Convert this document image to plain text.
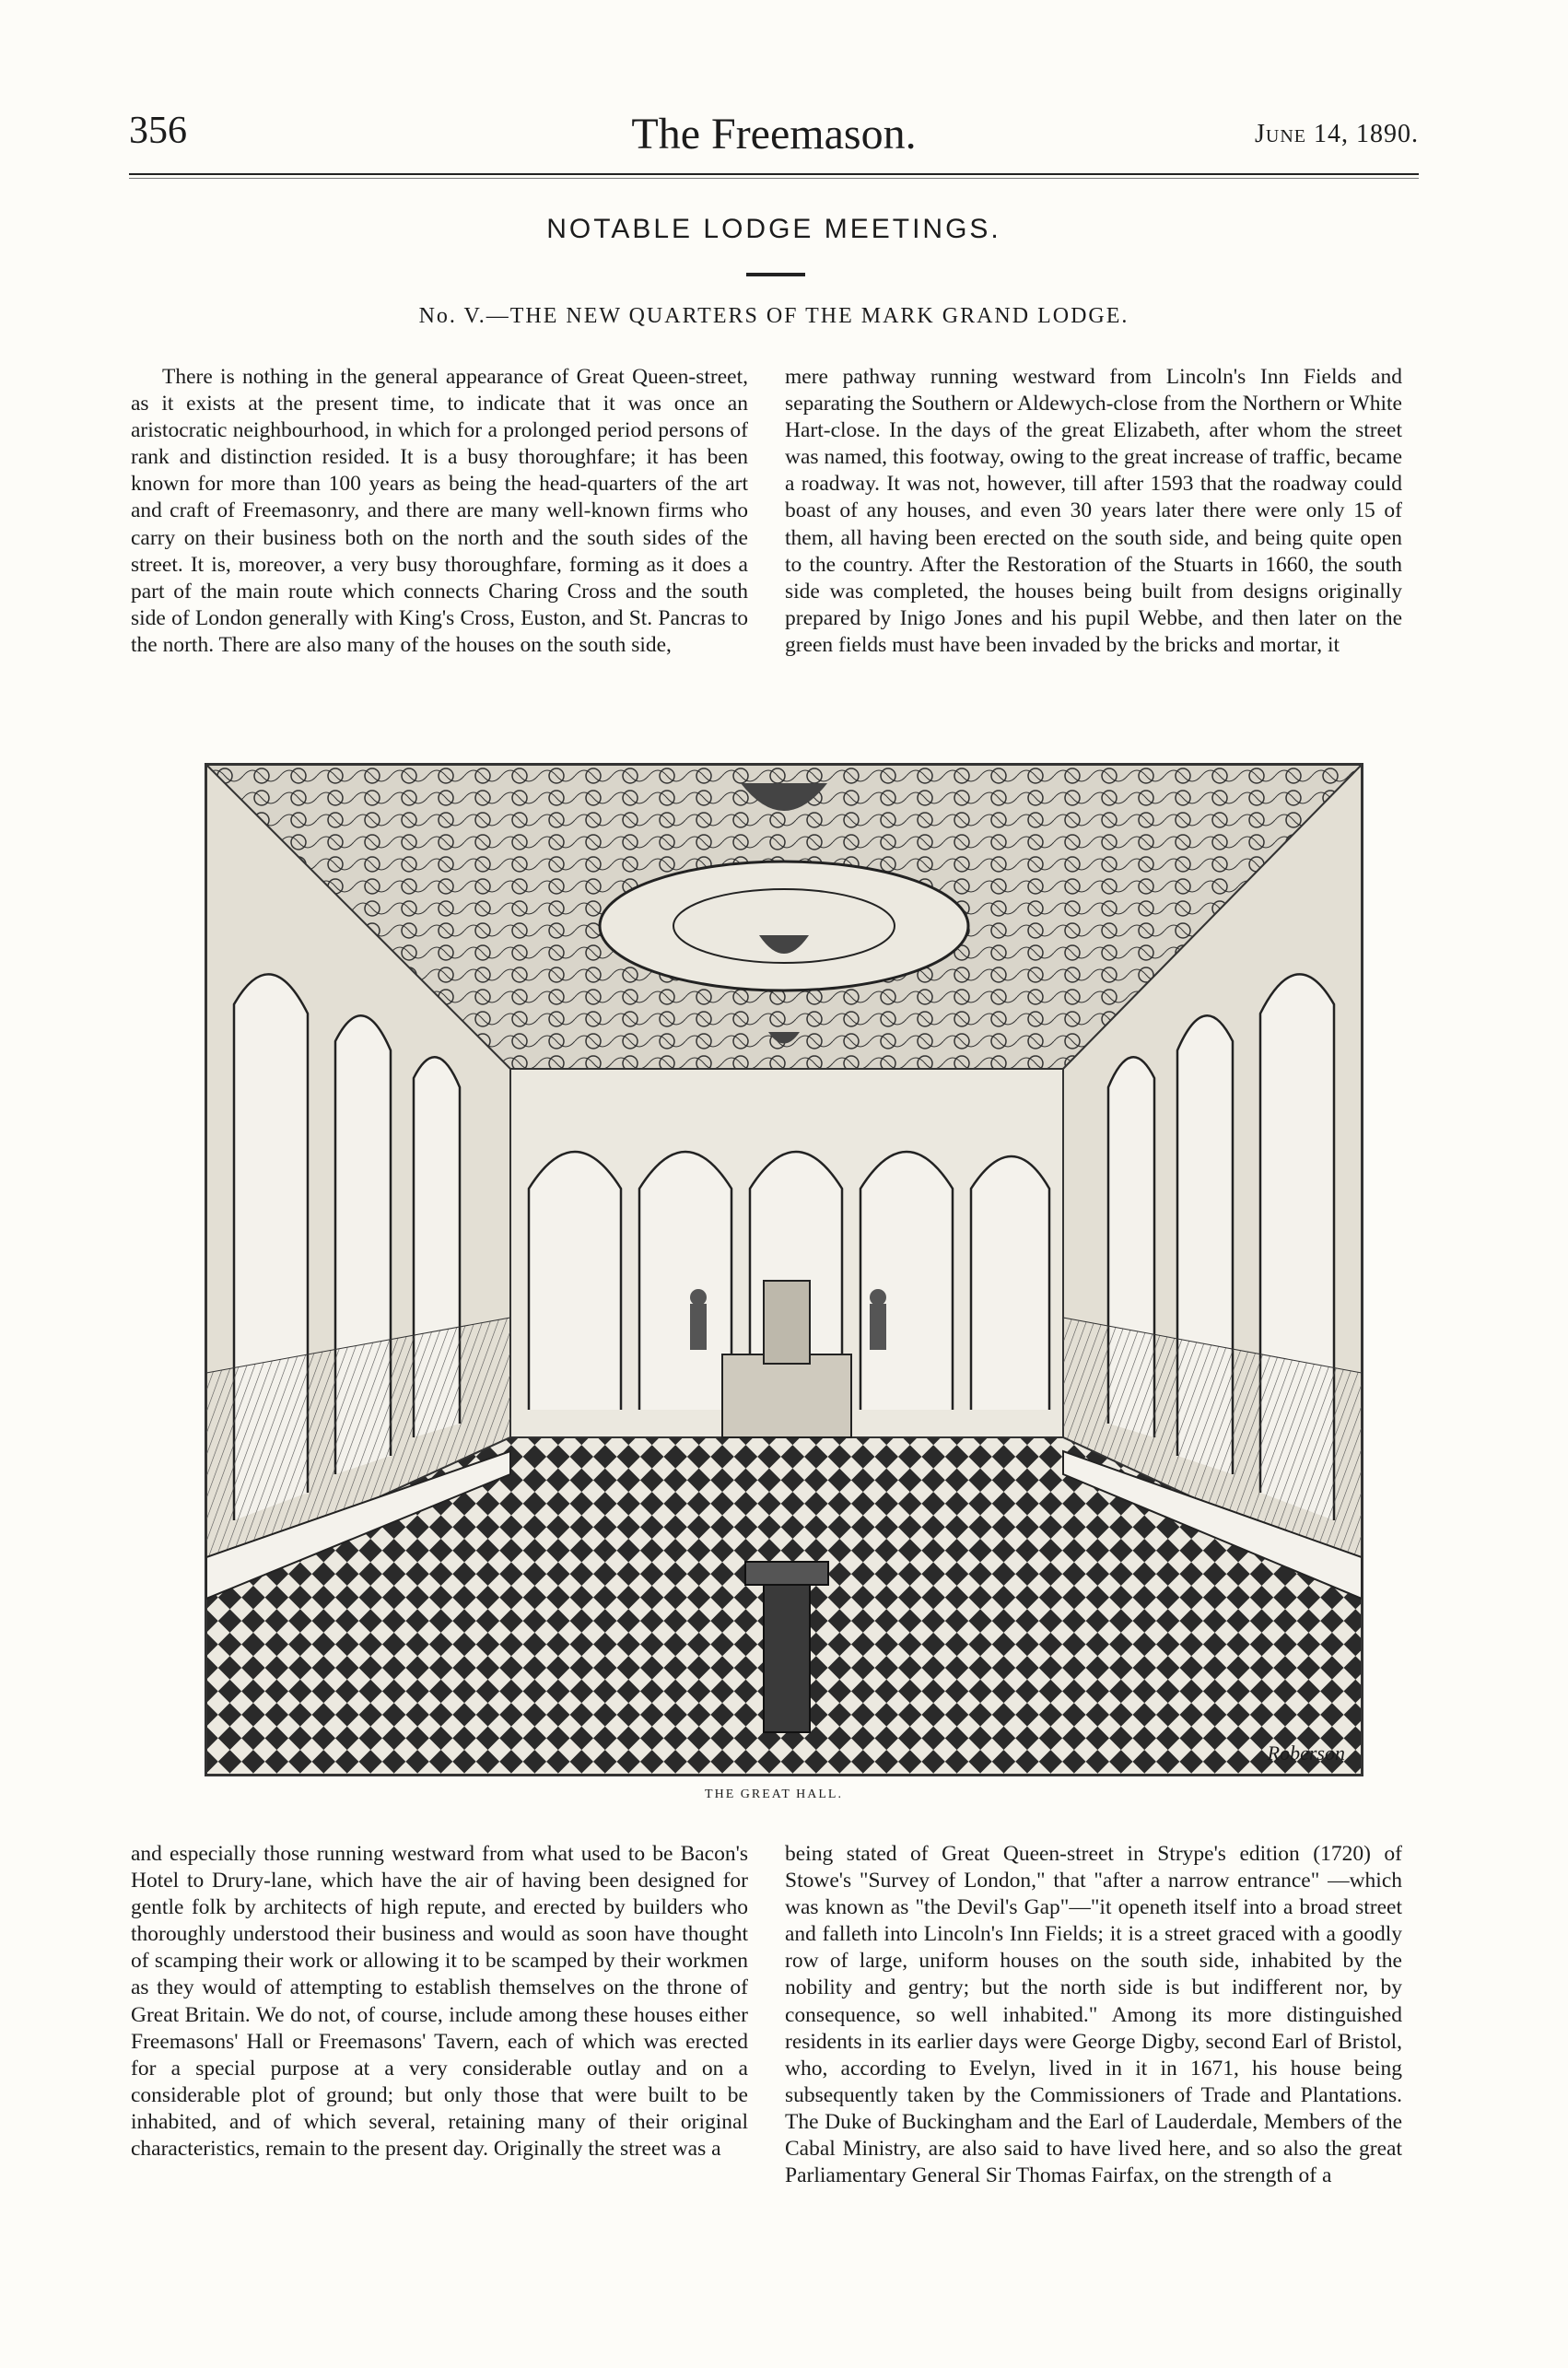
356	The Freemason.	June 14, 1890.
NOTABLE LODGE MEETINGS.
No. V.—THE NEW QUARTERS OF THE MARK GRAND LODGE.

There is nothing in the general appearance of Great Queen-street, as it exists at the present time, to indicate that it was once an aristocratic neighbourhood, in which for a prolonged period persons of rank and distinction resided. It is a busy thoroughfare; it has been known for more than 100 years as being the head-quarters of the art and craft of Freemasonry, and there are many well-known firms who carry on their business both on the north and the south sides of the street. It is, moreover, a very busy thoroughfare, forming as it does a part of the main route which connects Charing Cross and the south side of London generally with King's Cross, Euston, and St. Pancras to the north. There are also many of the houses on the south side,

mere pathway running westward from Lincoln's Inn Fields and separating the Southern or Aldewych-close from the Northern or White Hart-close. In the days of the great Elizabeth, after whom the street was named, this footway, owing to the great increase of traffic, became a roadway. It was not, however, till after 1593 that the roadway could boast of any houses, and even 30 years later there were only 15 of them, all having been erected on the south side, and being quite open to the country. After the Restoration of the Stuarts in 1660, the south side was completed, the houses being built from designs originally prepared by Inigo Jones and his pupil Webbe, and then later on the green fields must have been invaded by the bricks and mortar, it

Roberson
THE GREAT HALL.

and especially those running westward from what used to be Bacon's Hotel to Drury-lane, which have the air of having been designed for gentle folk by architects of high repute, and erected by builders who thoroughly understood their business and would as soon have thought of scamping their work or allowing it to be scamped by their workmen as they would of attempting to establish themselves on the throne of Great Britain. We do not, of course, include among these houses either Freemasons' Hall or Freemasons' Tavern, each of which was erected for a special purpose at a very considerable outlay and on a considerable plot of ground; but only those that were built to be inhabited, and of which several, retaining many of their original characteristics, remain to the present day. Originally the street was a

being stated of Great Queen-street in Strype's edition (1720) of Stowe's "Survey of London," that "after a narrow entrance" —which was known as "the Devil's Gap"—"it openeth itself into a broad street and falleth into Lincoln's Inn Fields; it is a street graced with a goodly row of large, uniform houses on the south side, inhabited by the nobility and gentry; but the north side is but indifferent nor, by consequence, so well inhabited." Among its more distinguished residents in its earlier days were George Digby, second Earl of Bristol, who, according to Evelyn, lived in it in 1671, his house being subsequently taken by the Commissioners of Trade and Plantations. The Duke of Buckingham and the Earl of Lauderdale, Members of the Cabal Ministry, are also said to have lived here, and so also the great Parliamentary General Sir Thomas Fairfax, on the strength of a
